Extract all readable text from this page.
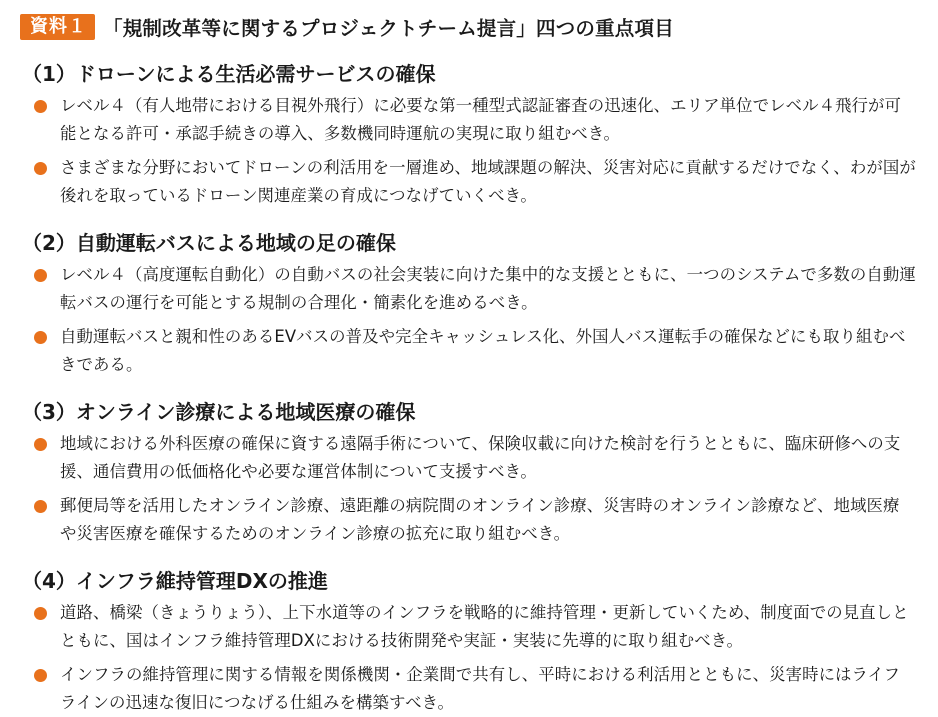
資料１ 「規制改革等に関するプロジェクトチーム提言」四つの重点項目
（1）ドローンによる生活必需サービスの確保
レベル４（有人地帯における目視外飛行）に必要な第一種型式認証審査の迅速化、エリア単位でレベル４飛行が可能となる許可・承認手続きの導入、多数機同時運航の実現に取り組むべき。
さまざまな分野においてドローンの利活用を一層進め、地域課題の解決、災害対応に貢献するだけでなく、わが国が後れを取っているドローン関連産業の育成につなげていくべき。
（2）自動運転バスによる地域の足の確保
レベル４（高度運転自動化）の自動バスの社会実装に向けた集中的な支援とともに、一つのシステムで多数の自動運転バスの運行を可能とする規制の合理化・簡素化を進めるべき。
自動運転バスと親和性のあるEVバスの普及や完全キャッシュレス化、外国人バス運転手の確保などにも取り組むべきである。
（3）オンライン診療による地域医療の確保
地域における外科医療の確保に資する遠隔手術について、保険収載に向けた検討を行うとともに、臨床研修への支援、通信費用の低価格化や必要な運営体制について支援すべき。
郵便局等を活用したオンライン診療、遠距離の病院間のオンライン診療、災害時のオンライン診療など、地域医療や災害医療を確保するためのオンライン診療の拡充に取り組むべき。
（4）インフラ維持管理DXの推進
道路、橋梁（きょうりょう）、上下水道等のインフラを戦略的に維持管理・更新していくため、制度面での見直しとともに、国はインフラ維持管理DXにおける技術開発や実証・実装に先導的に取り組むべき。
インフラの維持管理に関する情報を関係機関・企業間で共有し、平時における利活用とともに、災害時にはライフラインの迅速な復旧につなげる仕組みを構築すべき。
